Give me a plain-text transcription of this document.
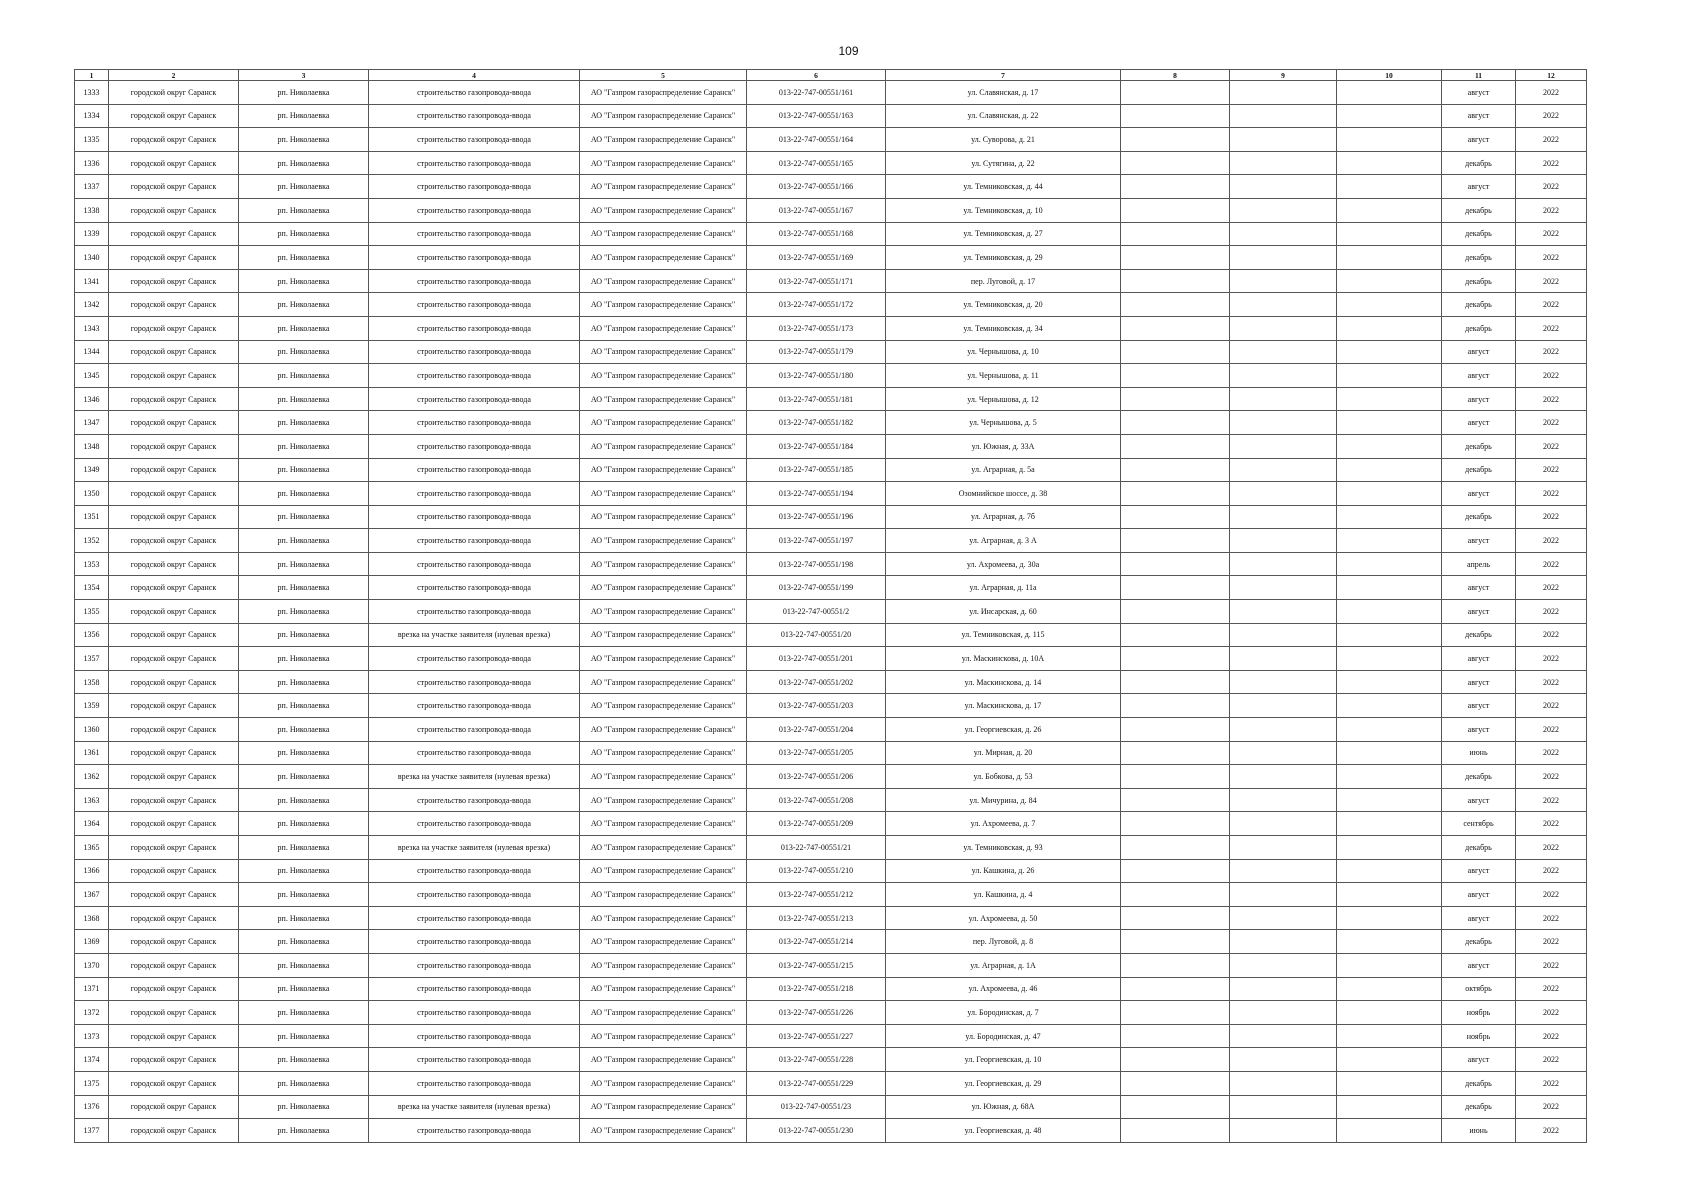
109
1	2	3	4	5	6	7	8	9	10	11	12
1333	городской округ Саранск	рп. Николаевка	строительство газопровода-ввода	АО "Газпром газораспределение Саранск"	013-22-747-00551/161	ул. Славянская, д. 17				август	2022
1334	городской округ Саранск	рп. Николаевка	строительство газопровода-ввода	АО "Газпром газораспределение Саранск"	013-22-747-00551/163	ул. Славянская, д. 22				август	2022
1335	городской округ Саранск	рп. Николаевка	строительство газопровода-ввода	АО "Газпром газораспределение Саранск"	013-22-747-00551/164	ул. Суворова, д. 21				август	2022
1336	городской округ Саранск	рп. Николаевка	строительство газопровода-ввода	АО "Газпром газораспределение Саранск"	013-22-747-00551/165	ул. Сутягина, д. 22				декабрь	2022
1337	городской округ Саранск	рп. Николаевка	строительство газопровода-ввода	АО "Газпром газораспределение Саранск"	013-22-747-00551/166	ул. Темниковская, д. 44				август	2022
1338	городской округ Саранск	рп. Николаевка	строительство газопровода-ввода	АО "Газпром газораспределение Саранск"	013-22-747-00551/167	ул. Темниковская, д. 10				декабрь	2022
1339	городской округ Саранск	рп. Николаевка	строительство газопровода-ввода	АО "Газпром газораспределение Саранск"	013-22-747-00551/168	ул. Темниковская, д. 27				декабрь	2022
1340	городской округ Саранск	рп. Николаевка	строительство газопровода-ввода	АО "Газпром газораспределение Саранск"	013-22-747-00551/169	ул. Темниковская, д. 29				декабрь	2022
1341	городской округ Саранск	рп. Николаевка	строительство газопровода-ввода	АО "Газпром газораспределение Саранск"	013-22-747-00551/171	пер. Луговой, д. 17				декабрь	2022
1342	городской округ Саранск	рп. Николаевка	строительство газопровода-ввода	АО "Газпром газораспределение Саранск"	013-22-747-00551/172	ул. Темниковская, д. 20				декабрь	2022
1343	городской округ Саранск	рп. Николаевка	строительство газопровода-ввода	АО "Газпром газораспределение Саранск"	013-22-747-00551/173	ул. Темниковская, д. 34				декабрь	2022
1344	городской округ Саранск	рп. Николаевка	строительство газопровода-ввода	АО "Газпром газораспределение Саранск"	013-22-747-00551/179	ул. Чернышова, д. 10				август	2022
1345	городской округ Саранск	рп. Николаевка	строительство газопровода-ввода	АО "Газпром газораспределение Саранск"	013-22-747-00551/180	ул. Чернышова, д. 11				август	2022
1346	городской округ Саранск	рп. Николаевка	строительство газопровода-ввода	АО "Газпром газораспределение Саранск"	013-22-747-00551/181	ул. Чернышова, д. 12				август	2022
1347	городской округ Саранск	рп. Николаевка	строительство газопровода-ввода	АО "Газпром газораспределение Саранск"	013-22-747-00551/182	ул. Чернышова, д. 5				август	2022
1348	городской округ Саранск	рп. Николаевка	строительство газопровода-ввода	АО "Газпром газораспределение Саранск"	013-22-747-00551/184	ул. Южная, д. 33А				декабрь	2022
1349	городской округ Саранск	рп. Николаевка	строительство газопровода-ввода	АО "Газпром газораспределение Саранск"	013-22-747-00551/185	ул. Аграрная, д. 5а				декабрь	2022
1350	городской округ Саранск	рп. Николаевка	строительство газопровода-ввода	АО "Газпром газораспределение Саранск"	013-22-747-00551/194	Озомнийское шоссе, д. 38				август	2022
1351	городской округ Саранск	рп. Николаевка	строительство газопровода-ввода	АО "Газпром газораспределение Саранск"	013-22-747-00551/196	ул. Аграрная, д. 7б				декабрь	2022
1352	городской округ Саранск	рп. Николаевка	строительство газопровода-ввода	АО "Газпром газораспределение Саранск"	013-22-747-00551/197	ул. Аграрная, д. 3 А				август	2022
1353	городской округ Саранск	рп. Николаевка	строительство газопровода-ввода	АО "Газпром газораспределение Саранск"	013-22-747-00551/198	ул. Ахромеева, д. 30а				апрель	2022
1354	городской округ Саранск	рп. Николаевка	строительство газопровода-ввода	АО "Газпром газораспределение Саранск"	013-22-747-00551/199	ул. Аграрная, д. 11а				август	2022
1355	городской округ Саранск	рп. Николаевка	строительство газопровода-ввода	АО "Газпром газораспределение Саранск"	013-22-747-00551/2	ул. Инсарская, д. 60				август	2022
1356	городской округ Саранск	рп. Николаевка	врезка на участке заявителя (нулевая врезка)	АО "Газпром газораспределение Саранск"	013-22-747-00551/20	ул. Темниковская, д. 115				декабрь	2022
1357	городской округ Саранск	рп. Николаевка	строительство газопровода-ввода	АО "Газпром газораспределение Саранск"	013-22-747-00551/201	ул. Маскинскова, д. 10А				август	2022
1358	городской округ Саранск	рп. Николаевка	строительство газопровода-ввода	АО "Газпром газораспределение Саранск"	013-22-747-00551/202	ул. Маскинскова, д. 14				август	2022
1359	городской округ Саранск	рп. Николаевка	строительство газопровода-ввода	АО "Газпром газораспределение Саранск"	013-22-747-00551/203	ул. Маскинскова, д. 17				август	2022
1360	городской округ Саранск	рп. Николаевка	строительство газопровода-ввода	АО "Газпром газораспределение Саранск"	013-22-747-00551/204	ул. Георгиевская, д. 26				август	2022
1361	городской округ Саранск	рп. Николаевка	строительство газопровода-ввода	АО "Газпром газораспределение Саранск"	013-22-747-00551/205	ул. Мирная, д. 20				июнь	2022
1362	городской округ Саранск	рп. Николаевка	врезка на участке заявителя (нулевая врезка)	АО "Газпром газораспределение Саранск"	013-22-747-00551/206	ул. Бобкова, д. 53				декабрь	2022
1363	городской округ Саранск	рп. Николаевка	строительство газопровода-ввода	АО "Газпром газораспределение Саранск"	013-22-747-00551/208	ул. Мичурина, д. 84				август	2022
1364	городской округ Саранск	рп. Николаевка	строительство газопровода-ввода	АО "Газпром газораспределение Саранск"	013-22-747-00551/209	ул. Ахромеева, д. 7				сентябрь	2022
1365	городской округ Саранск	рп. Николаевка	врезка на участке заявителя (нулевая врезка)	АО "Газпром газораспределение Саранск"	013-22-747-00551/21	ул. Темниковская, д. 93				декабрь	2022
1366	городской округ Саранск	рп. Николаевка	строительство газопровода-ввода	АО "Газпром газораспределение Саранск"	013-22-747-00551/210	ул. Кашкина, д. 26				август	2022
1367	городской округ Саранск	рп. Николаевка	строительство газопровода-ввода	АО "Газпром газораспределение Саранск"	013-22-747-00551/212	ул. Кашкина, д. 4				август	2022
1368	городской округ Саранск	рп. Николаевка	строительство газопровода-ввода	АО "Газпром газораспределение Саранск"	013-22-747-00551/213	ул. Ахромеева, д. 50				август	2022
1369	городской округ Саранск	рп. Николаевка	строительство газопровода-ввода	АО "Газпром газораспределение Саранск"	013-22-747-00551/214	пер. Луговой, д. 8				декабрь	2022
1370	городской округ Саранск	рп. Николаевка	строительство газопровода-ввода	АО "Газпром газораспределение Саранск"	013-22-747-00551/215	ул. Аграрная, д. 1А				август	2022
1371	городской округ Саранск	рп. Николаевка	строительство газопровода-ввода	АО "Газпром газораспределение Саранск"	013-22-747-00551/218	ул. Ахромеева, д. 46				октябрь	2022
1372	городской округ Саранск	рп. Николаевка	строительство газопровода-ввода	АО "Газпром газораспределение Саранск"	013-22-747-00551/226	ул. Бородинская, д. 7				ноябрь	2022
1373	городской округ Саранск	рп. Николаевка	строительство газопровода-ввода	АО "Газпром газораспределение Саранск"	013-22-747-00551/227	ул. Бородинская, д. 47				ноябрь	2022
1374	городской округ Саранск	рп. Николаевка	строительство газопровода-ввода	АО "Газпром газораспределение Саранск"	013-22-747-00551/228	ул. Георгиевская, д. 10				август	2022
1375	городской округ Саранск	рп. Николаевка	строительство газопровода-ввода	АО "Газпром газораспределение Саранск"	013-22-747-00551/229	ул. Георгиевская, д. 29				декабрь	2022
1376	городской округ Саранск	рп. Николаевка	врезка на участке заявителя (нулевая врезка)	АО "Газпром газораспределение Саранск"	013-22-747-00551/23	ул. Южная, д. 68А				декабрь	2022
1377	городской округ Саранск	рп. Николаевка	строительство газопровода-ввода	АО "Газпром газораспределение Саранск"	013-22-747-00551/230	ул. Георгиевская, д. 48				июнь	2022
